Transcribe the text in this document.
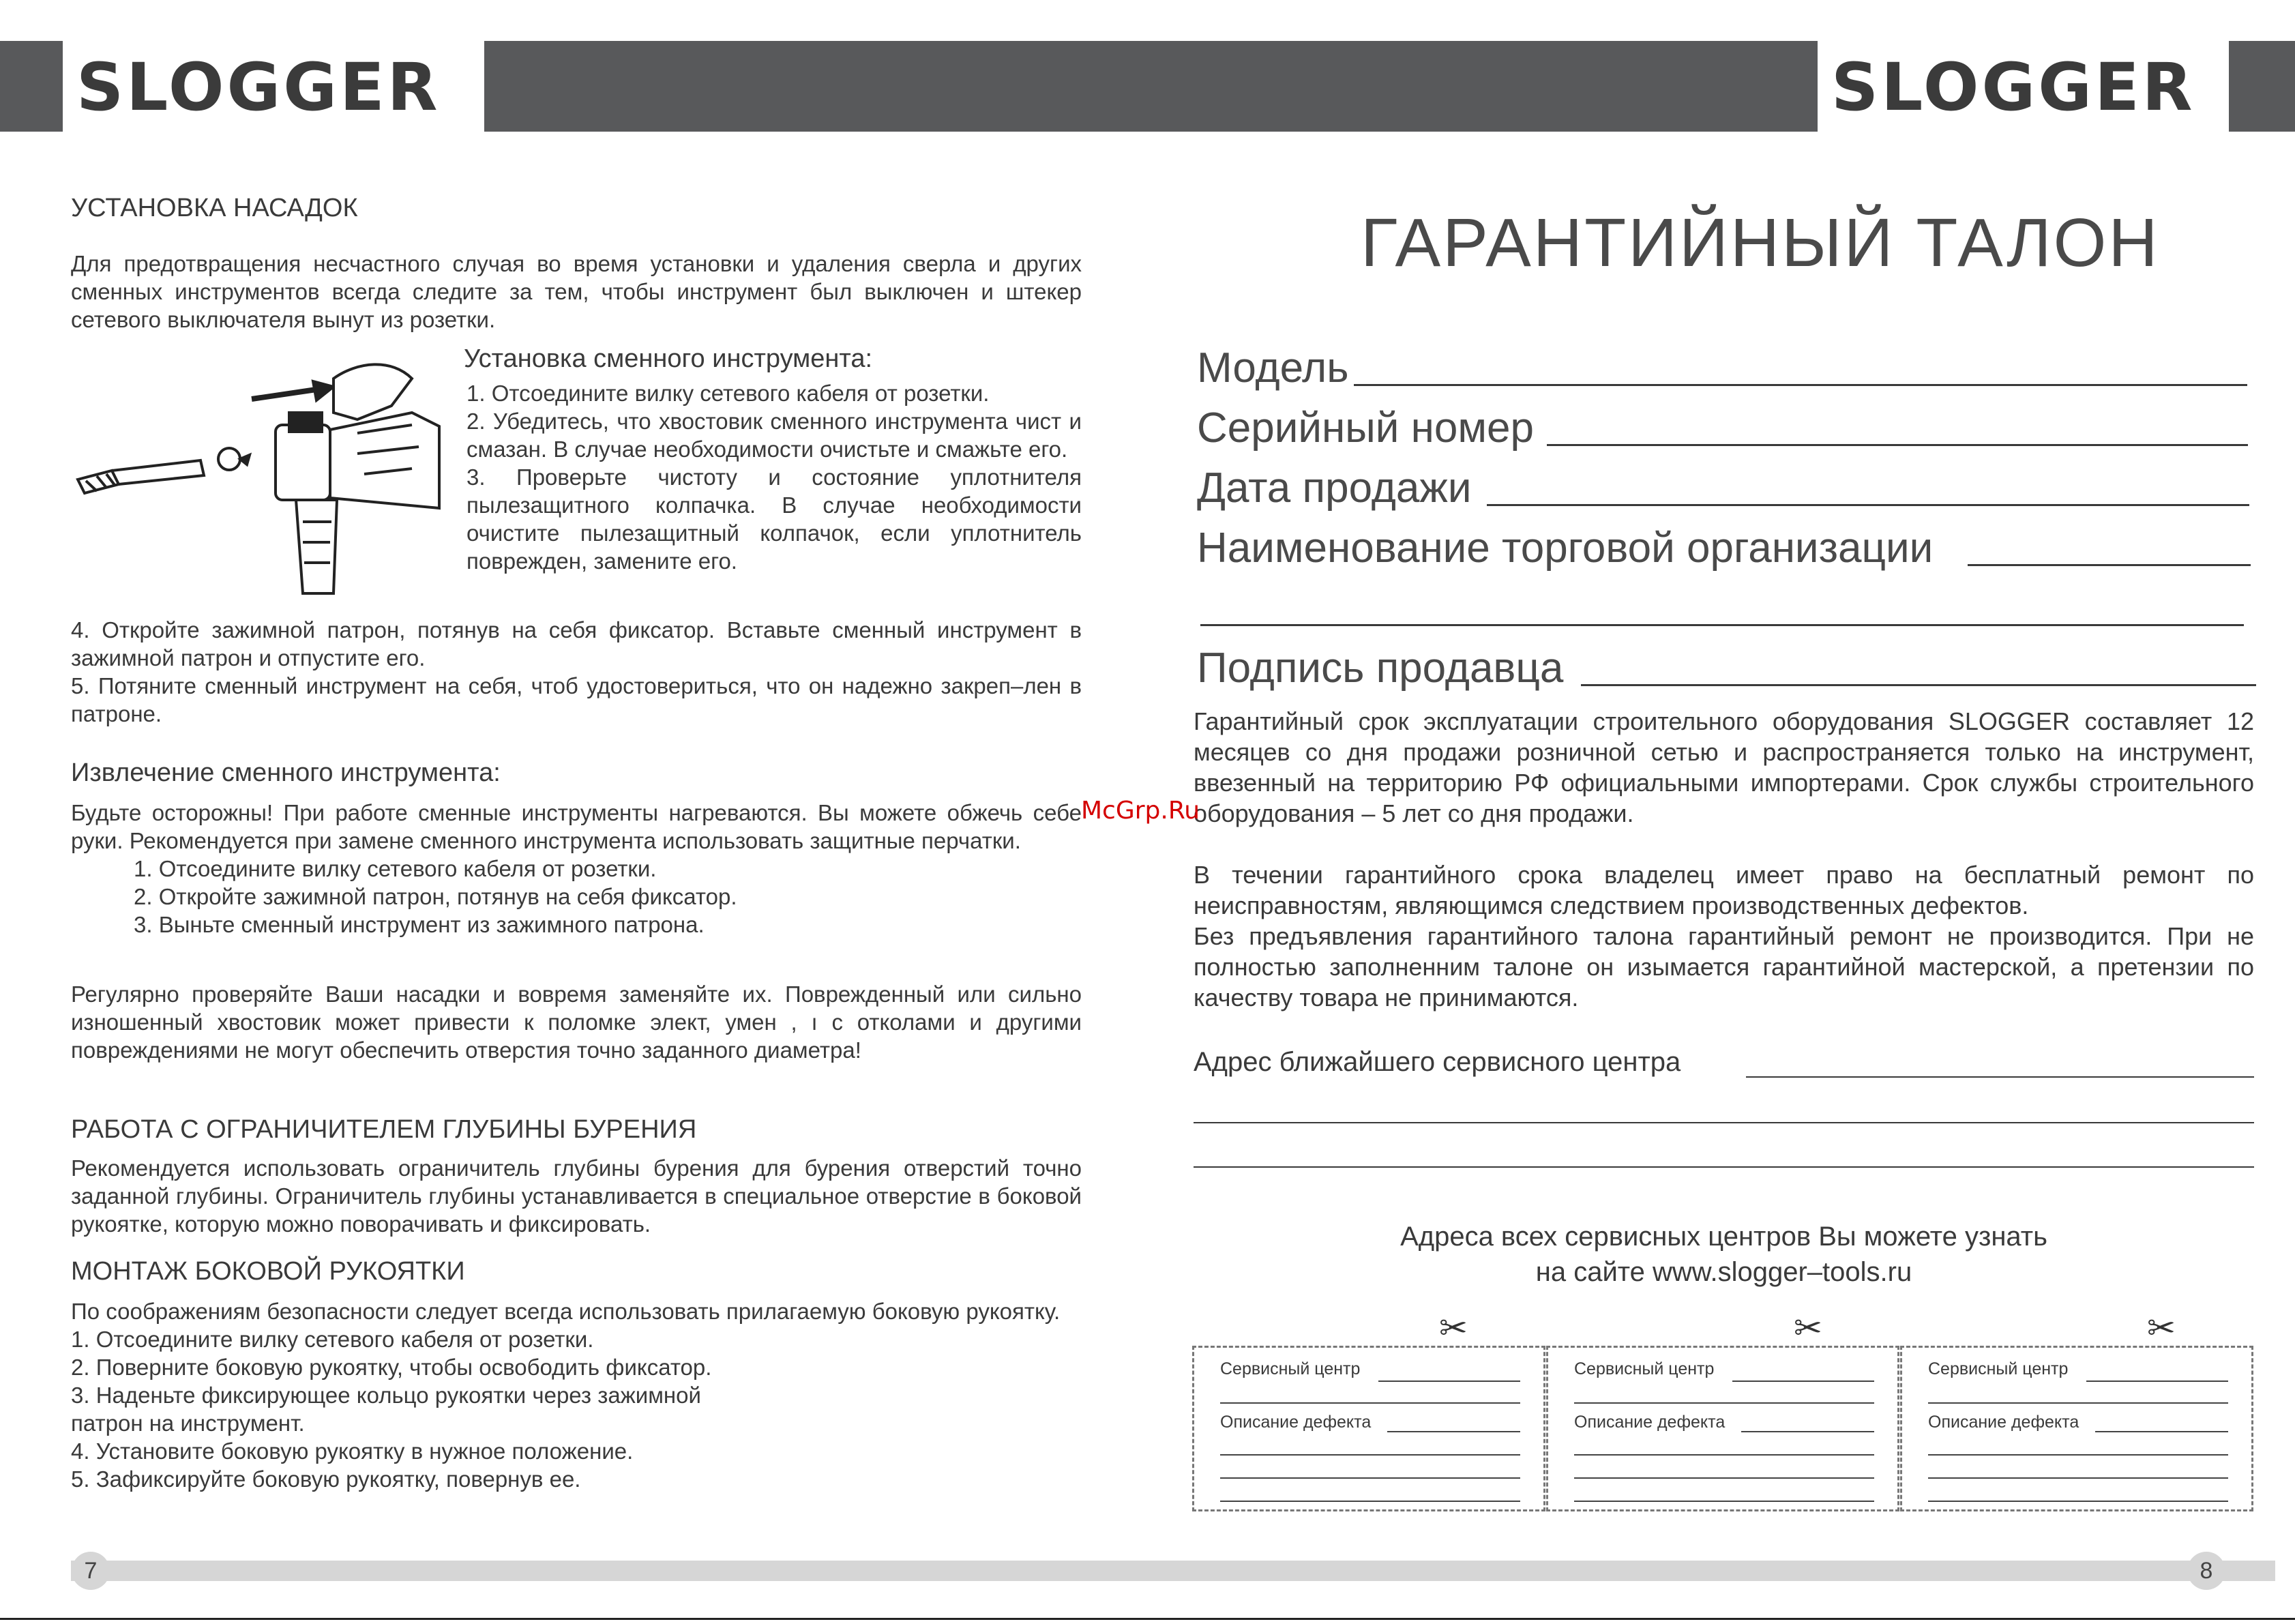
SLOGGER	SLOGGER
УСТАНОВКА НАСАДОК

Для предотвращения несчастного случая во время установки и удаления сверла и других сменных инструментов всегда следите за тем, чтобы инструмент был выключен и штекер сетевого выключателя вынут из розетки.

Установка сменного инструмента:

1. Отсоедините вилку сетевого кабеля от розетки.

2. Убедитесь, что хвостовик сменного инструмента чист и смазан. В случае необходимости очистьте и смажьте его.

3. Проверьте чистоту и состояние уплотнителя пылезащитного колпачка. В случае необходимости очистите пылезащитный колпачок, если уплотнитель поврежден, замените его.

4. Откройте зажимной патрон, потянув на себя фиксатор. Вставьте сменный инструмент в зажимной патрон и отпустите его.

5. Потяните сменный инструмент на себя, чтоб удостовериться, что он надежно закреп–лен в патроне.

Извлечение сменного инструмента:

Будьте осторожны! При работе сменные инструменты нагреваются. Вы можете обжечь себе руки. Рекомендуется при замене сменного инструмента использовать защитные перчатки.

1. Отсоедините вилку сетевого кабеля от розетки.

2. Откройте зажимной патрон, потянув на себя фиксатор.

3. Выньте сменный инструмент из зажимного патрона.

Регулярно проверяйте Ваши насадки и вовремя заменяйте их. Поврежденный или сильно изношенный хвостовик может привести к поломке элект, умен , ı с отколами и другими повреждениями не могут обеспечить отверстия точно заданного диаметра!

РАБОТА С ОГРАНИЧИТЕЛЕМ ГЛУБИНЫ БУРЕНИЯ

Рекомендуется использовать ограничитель глубины бурения для бурения отверстий точно заданной глубины. Ограничитель глубины устанавливается в специальное отверстие в боковой рукоятке, которую можно поворачивать и фиксировать.

МОНТАЖ БОКОВОЙ РУКОЯТКИ

По соображениям безопасности следует всегда использовать прилагаемую боковую рукоятку.

1. Отсоедините вилку сетевого кабеля от розетки.

2. Поверните боковую рукоятку, чтобы освободить фиксатор.

3. Наденьте фиксирующее кольцо рукоятки через зажимной

патрон на инструмент.

4. Установите боковую рукоятку в нужное положение.

5. Зафиксируйте боковую рукоятку, повернув ее.

ГАРАНТИЙНЫЙ ТАЛОН
Модель
Серийный номер
Дата продажи
Наименование торговой организации
Подпись продавца

Гарантийный срок эксплуатации строительного оборудования SLOGGER составляет 12 месяцев со дня продажи розничной сетью и распространяется только на инструмент, ввезенный на территорию РФ официальными импортерами. Срок службы строительного оборудования – 5 лет со дня продажи.

В течении гарантийного срока владелец имеет право на бесплатный ремонт по неисправностям, являющимся следствием производственных дефектов.

Без предъявления гарантийного талона гарантийный ремонт не производится. При не полностью заполненним талоне он изымается гарантийной мастерской, а претензии по качеству товара не принимаются.

Адрес ближайшего сервисного центра
Адреса всех сервисных центров Вы можете узнать
на сайте www.slogger–tools.ru
✂	✂	✂
Сервисный центр
Описание дефекта
Сервисный центр
Описание дефекта
Сервисный центр
Описание дефекта
McGrp.Ru
7	8
